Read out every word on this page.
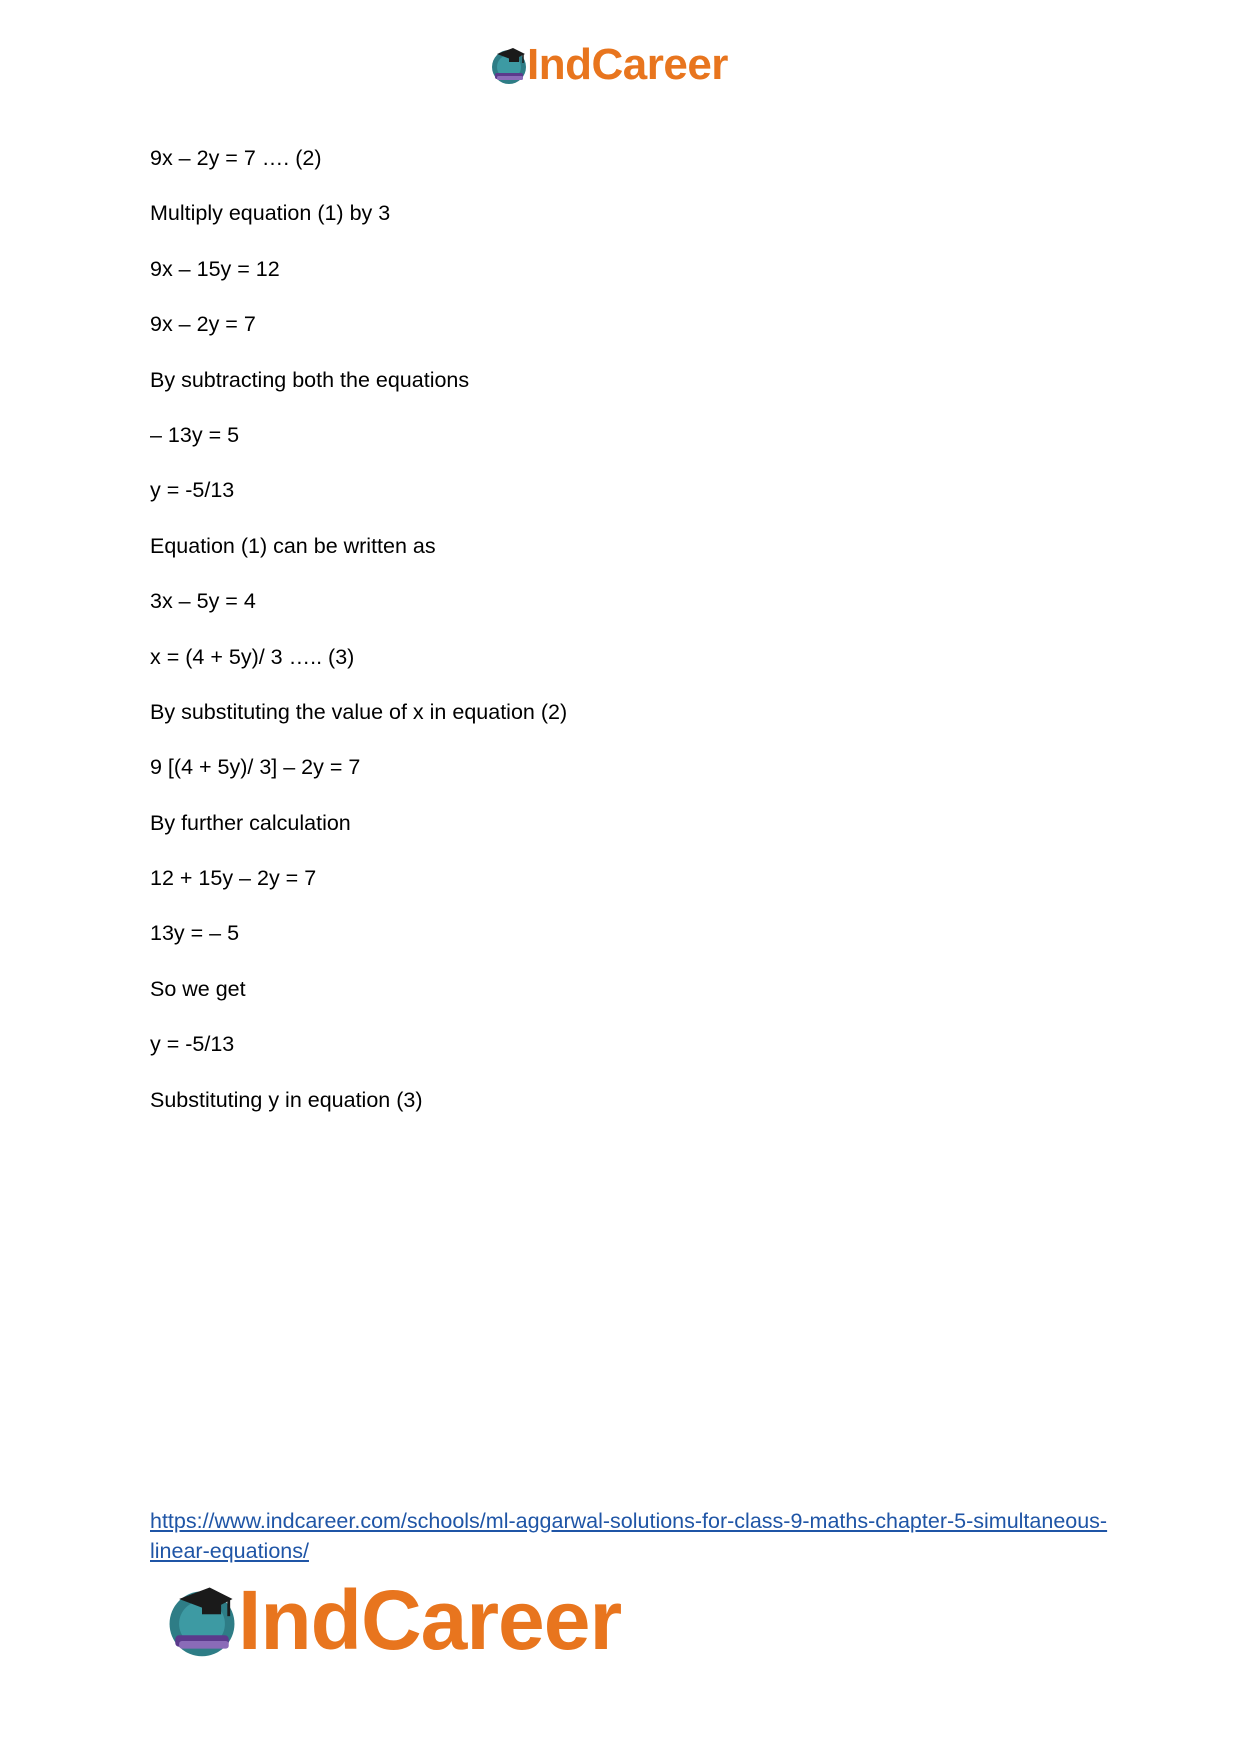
IndCareer
9x – 2y = 7 …. (2)
Multiply equation (1) by 3
9x – 15y = 12
9x – 2y = 7
By subtracting both the equations
– 13y = 5
y = -5/13
Equation (1) can be written as
3x – 5y = 4
x = (4 + 5y)/ 3 ….. (3)
By substituting the value of x in equation (2)
9 [(4 + 5y)/ 3] – 2y = 7
By further calculation
12 + 15y – 2y = 7
13y = – 5
So we get
y = -5/13
Substituting y in equation (3)
https://www.indcareer.com/schools/ml-aggarwal-solutions-for-class-9-maths-chapter-5-simultaneous-linear-equations/
IndCareer
